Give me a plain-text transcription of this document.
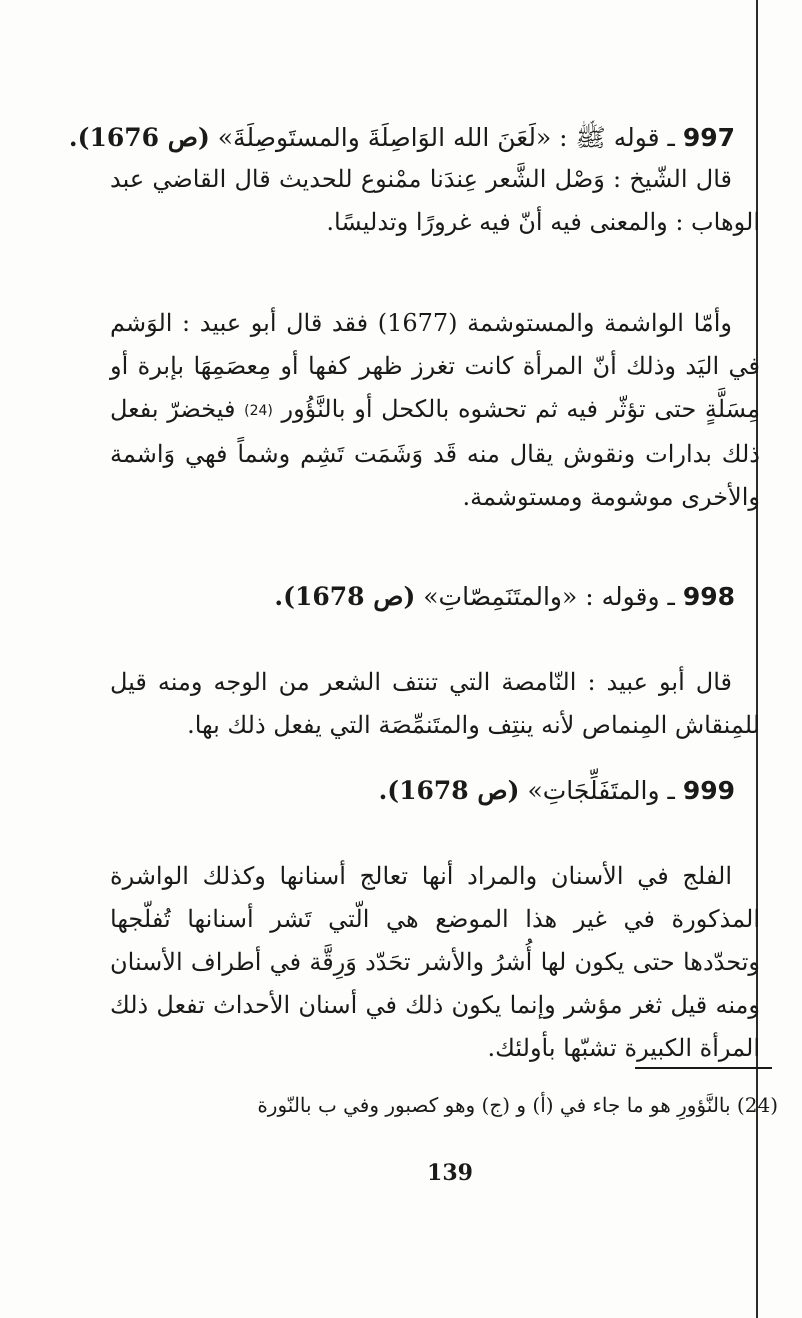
997 ـ قوله ﷺ : «لَعَنَ الله الوَاصِلَةَ والمستَوصِلَةَ» (ص 1676).

قال الشّيخ : وَصْل الشَّعر عِندَنا ممْنوع للحديث قال القاضي عبد الوهاب : والمعنى فيه أنّ فيه غرورًا وتدليسًا.

وأمّا الواشمة والمستوشمة (1677) فقد قال أبو عبيد : الوَشم في اليَد وذلك أنّ المرأة كانت تغرز ظهر كفها أو مِعصَمِهَا بإبرة أو مِسَلَّةٍ حتى تؤثّر فيه ثم تحشوه بالكحل أو بالنَّؤُور (24) فيخضرّ بفعل ذلك بدارات ونقوش يقال منه قَد وَشَمَت تَشِم وشماً فهي وَاشمة والأخرى موشومة ومستوشمة.

998 ـ وقوله : «والمتَنَمِصّاتِ» (ص 1678).

قال أبو عبيد : النّامصة التي تنتف الشعر من الوجه ومنه قيل للمِنقاش المِنماص لأنه ينتِف والمتَنمِّصَة التي يفعل ذلك بها.

999 ـ والمتَفَلِّجَاتِ» (ص 1678).

الفلج في الأسنان والمراد أنها تعالج أسنانها وكذلك الواشرة المذكورة في غير هذا الموضع هي الّتي تَشر أسنانها تُفلّجها وتحدّدها حتى يكون لها أُشرُ والأشر تحَدّد وَرِقَّة في أطراف الأسنان ومنه قيل ثغر مؤشر وإنما يكون ذلك في أسنان الأحداث تفعل ذلك المرأة الكبيرة تشبّها بأولئك.

(24) بالنَّؤورِ هو ما جاء في (أ) و (ج) وهو كصبور وفي ب بالنّورة
139
